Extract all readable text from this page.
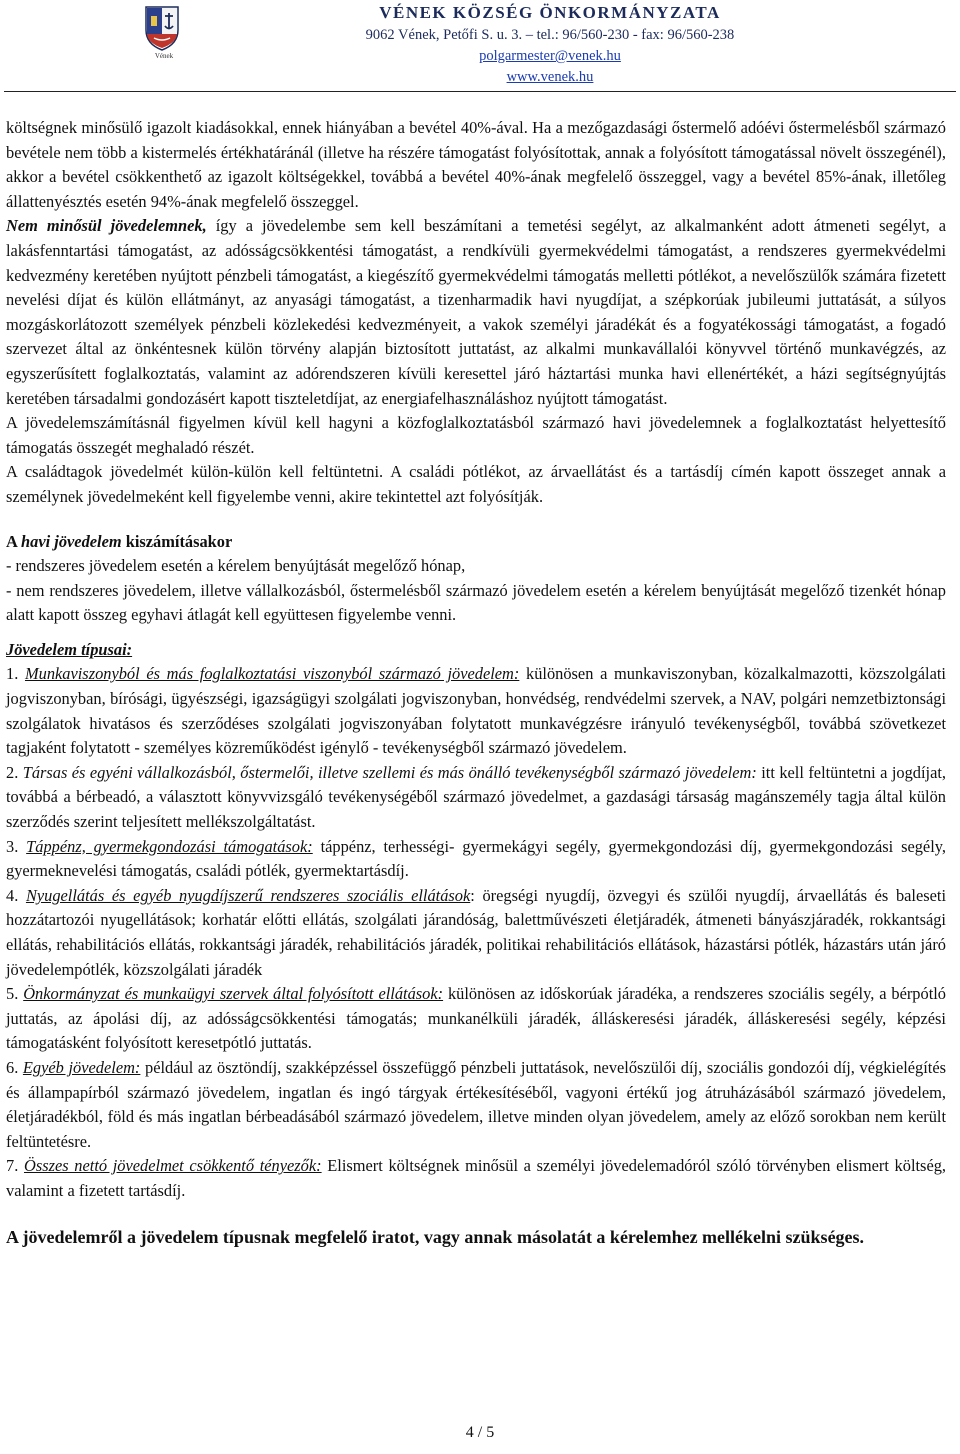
Vének
VÉNEK KÖZSÉG ÖNKORMÁNYZATA
9062 Vének, Petőfi S. u. 3. – tel.: 96/560-230 - fax: 96/560-238
polgarmester@venek.hu
www.venek.hu

költségnek minősülő igazolt kiadásokkal, ennek hiányában a bevétel 40%-ával. Ha a mezőgazdasági őstermelő adóévi őstermelésből származó bevétele nem több a kistermelés értékhatáránál (illetve ha részére támogatást folyósítottak, annak a folyósított támogatással növelt összegénél), akkor a bevétel csökkenthető az igazolt költségekkel, továbbá a bevétel 40%-ának megfelelő összeggel, vagy a bevétel 85%-ának, illetőleg állattenyésztés esetén 94%-ának megfelelő összeggel.

Nem minősül jövedelemnek, így a jövedelembe sem kell beszámítani a temetési segélyt, az alkalmanként adott átmeneti segélyt, a lakásfenntartási támogatást, az adósságcsökkentési támogatást, a rendkívüli gyermekvédelmi támogatást, a rendszeres gyermekvédelmi kedvezmény keretében nyújtott pénzbeli támogatást, a kiegészítő gyermekvédelmi támogatás melletti pótlékot, a nevelőszülők számára fizetett nevelési díjat és külön ellátmányt, az anyasági támogatást, a tizenharmadik havi nyugdíjat, a szépkorúak jubileumi juttatását, a súlyos mozgáskorlátozott személyek pénzbeli közlekedési kedvezményeit, a vakok személyi járadékát és a fogyatékossági támogatást, a fogadó szervezet által az önkéntesnek külön törvény alapján biztosított juttatást, az alkalmi munkavállalói könyvvel történő munkavégzés, az egyszerűsített foglalkoztatás, valamint az adórendszeren kívüli keresettel járó háztartási munka havi ellenértékét, a házi segítségnyújtás keretében társadalmi gondozásért kapott tiszteletdíjat, az energiafelhasználáshoz nyújtott támogatást.

A jövedelemszámításnál figyelmen kívül kell hagyni a közfoglalkoztatásból származó havi jövedelemnek a foglalkoztatást helyettesítő támogatás összegét meghaladó részét.

A családtagok jövedelmét külön-külön kell feltüntetni. A családi pótlékot, az árvaellátást és a tartásdíj címén kapott összeget annak a személynek jövedelmeként kell figyelembe venni, akire tekintettel azt folyósítják.

A havi jövedelem kiszámításakor

- rendszeres jövedelem esetén a kérelem benyújtását megelőző hónap,

- nem rendszeres jövedelem, illetve vállalkozásból, őstermelésből származó jövedelem esetén a kérelem benyújtását megelőző tizenkét hónap alatt kapott összeg egyhavi átlagát kell együttesen figyelembe venni.

Jövedelem típusai:

1. Munkaviszonyból és más foglalkoztatási viszonyból származó jövedelem: különösen a munkaviszonyban, közalkalmazotti, közszolgálati jogviszonyban, bírósági, ügyészségi, igazságügyi szolgálati jogviszonyban, honvédség, rendvédelmi szervek, a NAV, polgári nemzetbiztonsági szolgálatok hivatásos és szerződéses szolgálati jogviszonyában folytatott munkavégzésre irányuló tevékenységből, továbbá szövetkezet tagjaként folytatott - személyes közreműködést igénylő - tevékenységből származó jövedelem.

2. Társas és egyéni vállalkozásból, őstermelői, illetve szellemi és más önálló tevékenységből származó jövedelem: itt kell feltüntetni a jogdíjat, továbbá a bérbeadó, a választott könyvvizsgáló tevékenységéből származó jövedelmet, a gazdasági társaság magánszemély tagja által külön szerződés szerint teljesített mellékszolgáltatást.

3. Táppénz, gyermekgondozási támogatások: táppénz, terhességi- gyermekágyi segély, gyermekgondozási díj, gyermekgondozási segély, gyermeknevelési támogatás, családi pótlék, gyermektartásdíj.

4. Nyugellátás és egyéb nyugdíjszerű rendszeres szociális ellátások: öregségi nyugdíj, özvegyi és szülői nyugdíj, árvaellátás és baleseti hozzátartozói nyugellátások; korhatár előtti ellátás, szolgálati járandóság, balettművészeti életjáradék, átmeneti bányászjáradék, rokkantsági ellátás, rehabilitációs ellátás, rokkantsági járadék, rehabilitációs járadék, politikai rehabilitációs ellátások, házastársi pótlék, házastárs után járó jövedelempótlék, közszolgálati járadék

5. Önkormányzat és munkaügyi szervek által folyósított ellátások: különösen az időskorúak járadéka, a rendszeres szociális segély, a bérpótló juttatás, az ápolási díj, az adósságcsökkentési támogatás; munkanélküli járadék, álláskeresési járadék, álláskeresési segély, képzési támogatásként folyósított keresetpótló juttatás.

6. Egyéb jövedelem: például az ösztöndíj, szakképzéssel összefüggő pénzbeli juttatások, nevelőszülői díj, szociális gondozói díj, végkielégítés és állampapírból származó jövedelem, ingatlan és ingó tárgyak értékesítéséből, vagyoni értékű jog átruházásából származó jövedelem, életjáradékból, föld és más ingatlan bérbeadásából származó jövedelem, illetve minden olyan jövedelem, amely az előző sorokban nem került feltüntetésre.

7. Összes nettó jövedelmet csökkentő tényezők: Elismert költségnek minősül a személyi jövedelemadóról szóló törvényben elismert költség, valamint a fizetett tartásdíj.

A jövedelemről a jövedelem típusnak megfelelő iratot, vagy annak másolatát a kérelemhez mellékelni szükséges.

4 / 5
